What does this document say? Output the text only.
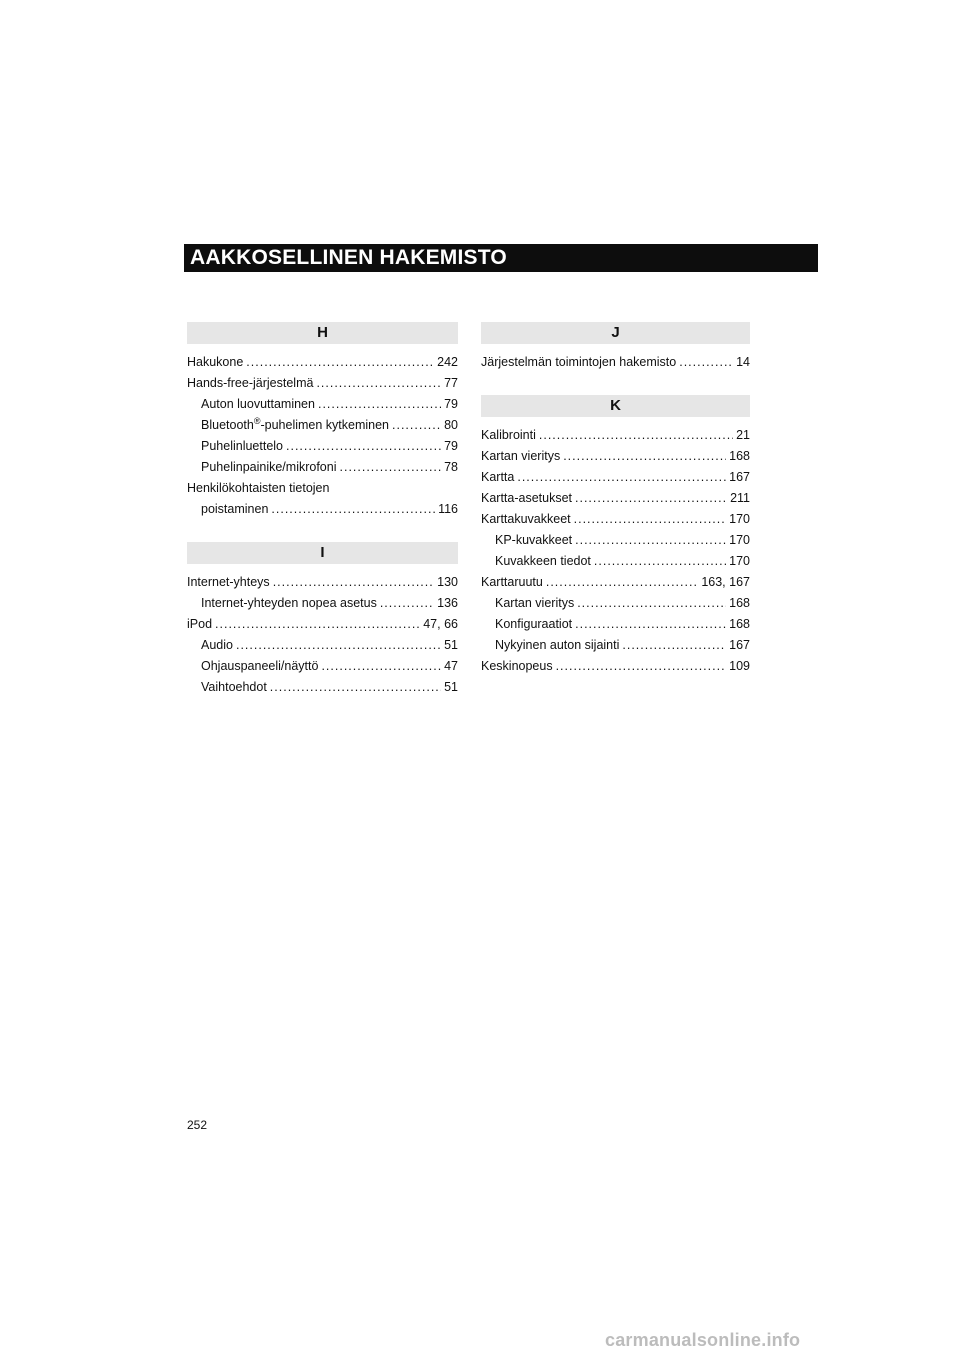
AAKKOSELLINEN HAKEMISTO
H
Hakukone .....	242
Hands-free-järjestelmä .....	77
Auton luovuttaminen .....	79
Bluetooth®-puhelimen kytkeminen .....	80
Puhelinluettelo .....	79
Puhelinpainike/mikrofoni .....	78
Henkilökohtaisten tietojen
poistaminen .....	116
I
Internet-yhteys .....	130
Internet-yhteyden nopea asetus .....	136
iPod .....	47, 66
Audio .....	51
Ohjauspaneeli/näyttö .....	47
Vaihtoehdot .....	51
J
Järjestelmän toimintojen hakemisto .....	14
K
Kalibrointi .....	21
Kartan vieritys .....	168
Kartta .....	167
Kartta-asetukset .....	211
Karttakuvakkeet .....	170
KP-kuvakkeet .....	170
Kuvakkeen tiedot .....	170
Karttaruutu .....	163, 167
Kartan vieritys .....	168
Konfiguraatiot .....	168
Nykyinen auton sijainti .....	167
Keskinopeus .....	109
252
carmanualsonline.info
